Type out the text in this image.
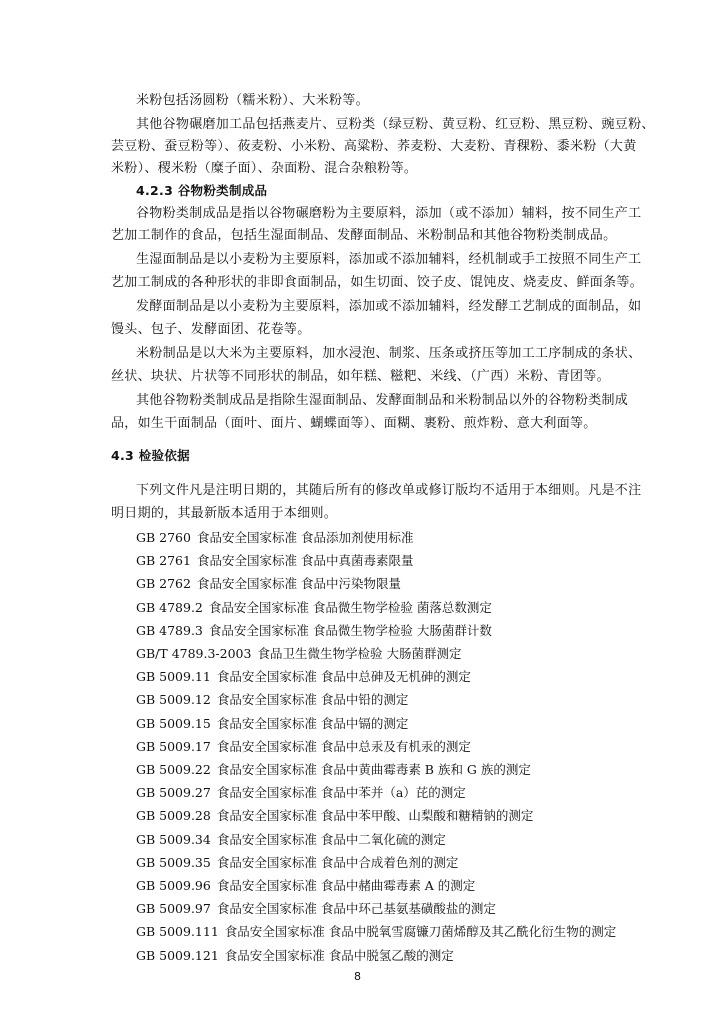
米粉包括汤圆粉（糯米粉）、大米粉等。
其他谷物碾磨加工品包括燕麦片、豆粉类（绿豆粉、黄豆粉、红豆粉、黑豆粉、豌豆粉、
芸豆粉、蚕豆粉等）、莜麦粉、小米粉、高粱粉、荞麦粉、大麦粉、青稞粉、黍米粉（大黄
米粉）、稷米粉（糜子面）、杂面粉、混合杂粮粉等。
4.2.3 谷物粉类制成品
谷物粉类制成品是指以谷物碾磨粉为主要原料，添加（或不添加）辅料，按不同生产工
艺加工制作的食品，包括生湿面制品、发酵面制品、米粉制品和其他谷物粉类制成品。
生湿面制品是以小麦粉为主要原料，添加或不添加辅料，经机制或手工按照不同生产工
艺加工制成的各种形状的非即食面制品，如生切面、饺子皮、馄饨皮、烧麦皮、鲜面条等。
发酵面制品是以小麦粉为主要原料，添加或不添加辅料，经发酵工艺制成的面制品，如
馒头、包子、发酵面团、花卷等。
米粉制品是以大米为主要原料，加水浸泡、制浆、压条或挤压等加工工序制成的条状、
丝状、块状、片状等不同形状的制品，如年糕、糍粑、米线、（广西）米粉、青团等。
其他谷物粉类制成品是指除生湿面制品、发酵面制品和米粉制品以外的谷物粉类制成
品，如生干面制品（面叶、面片、蝴蝶面等）、面糊、裹粉、煎炸粉、意大利面等。
4.3 检验依据
下列文件凡是注明日期的，其随后所有的修改单或修订版均不适用于本细则。凡是不注
明日期的，其最新版本适用于本细则。
GB 2760 食品安全国家标准 食品添加剂使用标准
GB 2761 食品安全国家标准 食品中真菌毒素限量
GB 2762 食品安全国家标准 食品中污染物限量
GB 4789.2 食品安全国家标准 食品微生物学检验 菌落总数测定
GB 4789.3 食品安全国家标准 食品微生物学检验 大肠菌群计数
GB/T 4789.3-2003 食品卫生微生物学检验 大肠菌群测定
GB 5009.11 食品安全国家标准 食品中总砷及无机砷的测定
GB 5009.12 食品安全国家标准 食品中铅的测定
GB 5009.15 食品安全国家标准 食品中镉的测定
GB 5009.17 食品安全国家标准 食品中总汞及有机汞的测定
GB 5009.22 食品安全国家标准 食品中黄曲霉毒素 B 族和 G 族的测定
GB 5009.27 食品安全国家标准 食品中苯并（a）芘的测定
GB 5009.28 食品安全国家标准 食品中苯甲酸、山梨酸和糖精钠的测定
GB 5009.34 食品安全国家标准 食品中二氧化硫的测定
GB 5009.35 食品安全国家标准 食品中合成着色剂的测定
GB 5009.96 食品安全国家标准 食品中赭曲霉毒素 A 的测定
GB 5009.97 食品安全国家标准 食品中环己基氨基磺酸盐的测定
GB 5009.111 食品安全国家标准 食品中脱氧雪腐镰刀菌烯醇及其乙酰化衍生物的测定
GB 5009.121 食品安全国家标准 食品中脱氢乙酸的测定
8
